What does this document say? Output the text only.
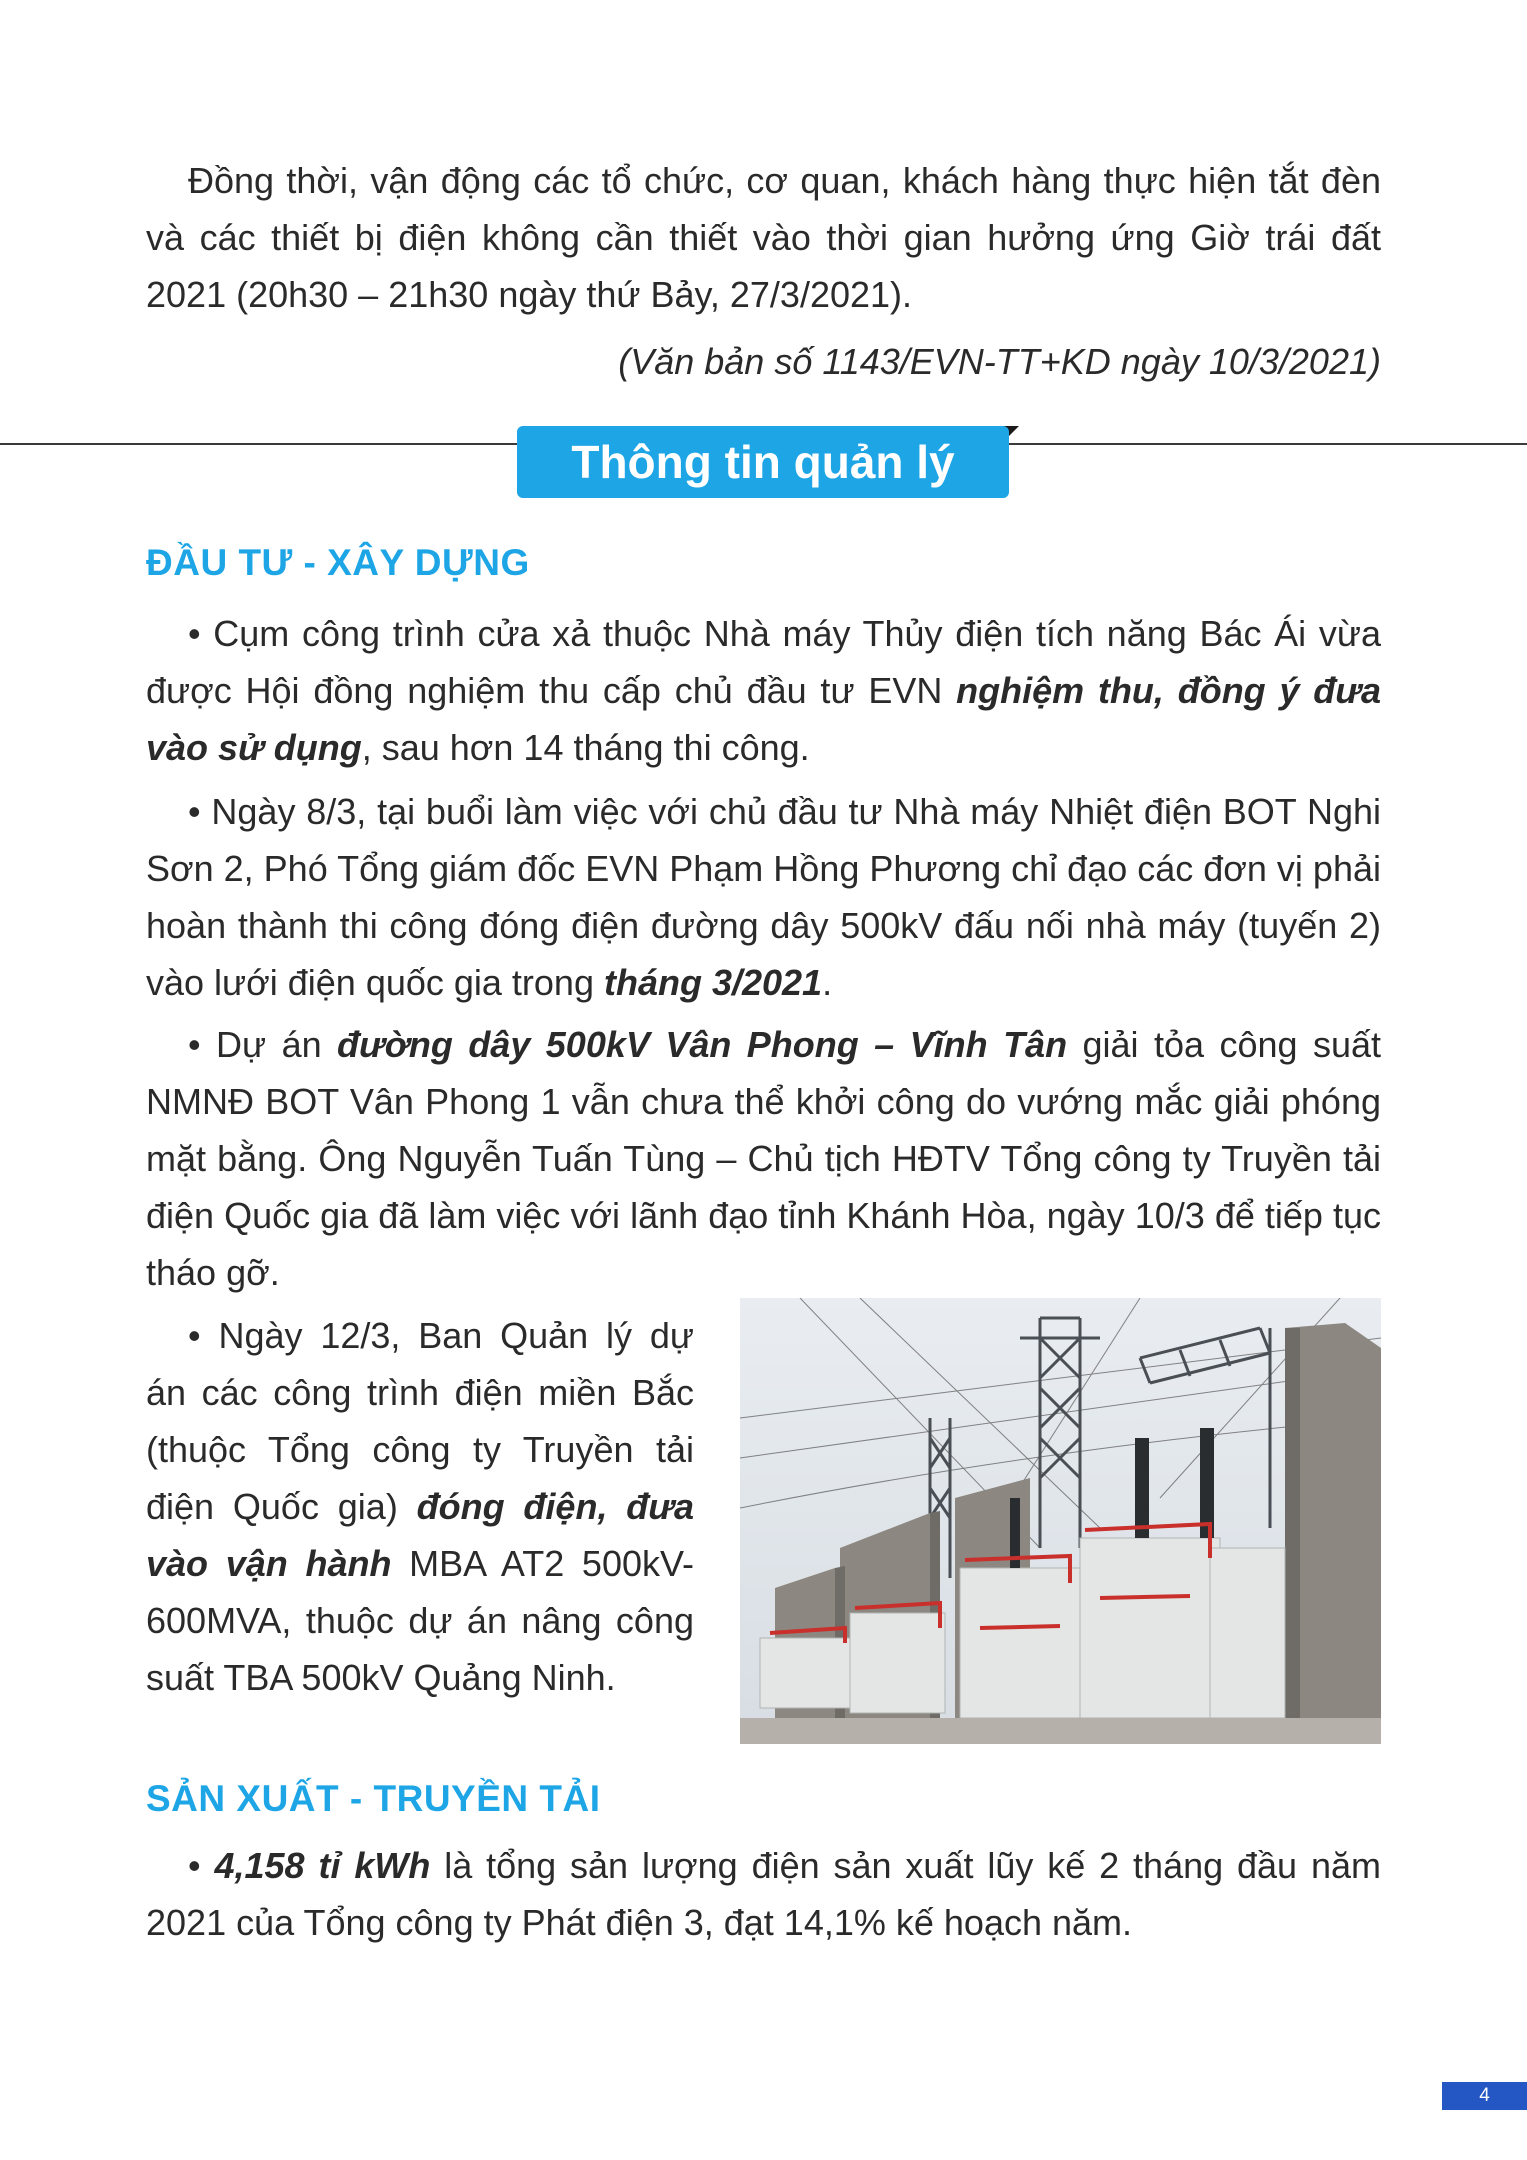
Đồng thời, vận động các tổ chức, cơ quan, khách hàng thực hiện tắt đèn và các thiết bị điện không cần thiết vào thời gian hưởng ứng Giờ trái đất 2021 (20h30 – 21h30 ngày thứ Bảy, 27/3/2021).

(Văn bản số 1143/EVN-TT+KD ngày 10/3/2021)
Thông tin quản lý
ĐẦU TƯ - XÂY DỰNG

• Cụm công trình cửa xả thuộc Nhà máy Thủy điện tích năng Bác Ái vừa được Hội đồng nghiệm thu cấp chủ đầu tư EVN nghiệm thu, đồng ý đưa vào sử dụng, sau hơn 14 tháng thi công.

• Ngày 8/3, tại buổi làm việc với chủ đầu tư Nhà máy Nhiệt điện BOT Nghi Sơn 2, Phó Tổng giám đốc EVN Phạm Hồng Phương chỉ đạo các đơn vị phải hoàn thành thi công đóng điện đường dây 500kV đấu nối nhà máy (tuyến 2) vào lưới điện quốc gia trong tháng 3/2021.

• Dự án đường dây 500kV Vân Phong – Vĩnh Tân giải tỏa công suất NMNĐ BOT Vân Phong 1 vẫn chưa thể khởi công do vướng mắc giải phóng mặt bằng. Ông Nguyễn Tuấn Tùng – Chủ tịch HĐTV Tổng công ty Truyền tải điện Quốc gia đã làm việc với lãnh đạo tỉnh Khánh Hòa, ngày 10/3 để tiếp tục tháo gỡ.

• Ngày 12/3, Ban Quản lý dự án các công trình điện miền Bắc (thuộc Tổng công ty Truyền tải điện Quốc gia) đóng điện, đưa vào vận hành MBA AT2 500kV-600MVA, thuộc dự án nâng công suất TBA 500kV Quảng Ninh.

SẢN XUẤT - TRUYỀN TẢI

• 4,158 tỉ kWh là tổng sản lượng điện sản xuất lũy kế 2 tháng đầu năm 2021 của Tổng công ty Phát điện 3, đạt 14,1% kế hoạch năm.

4
